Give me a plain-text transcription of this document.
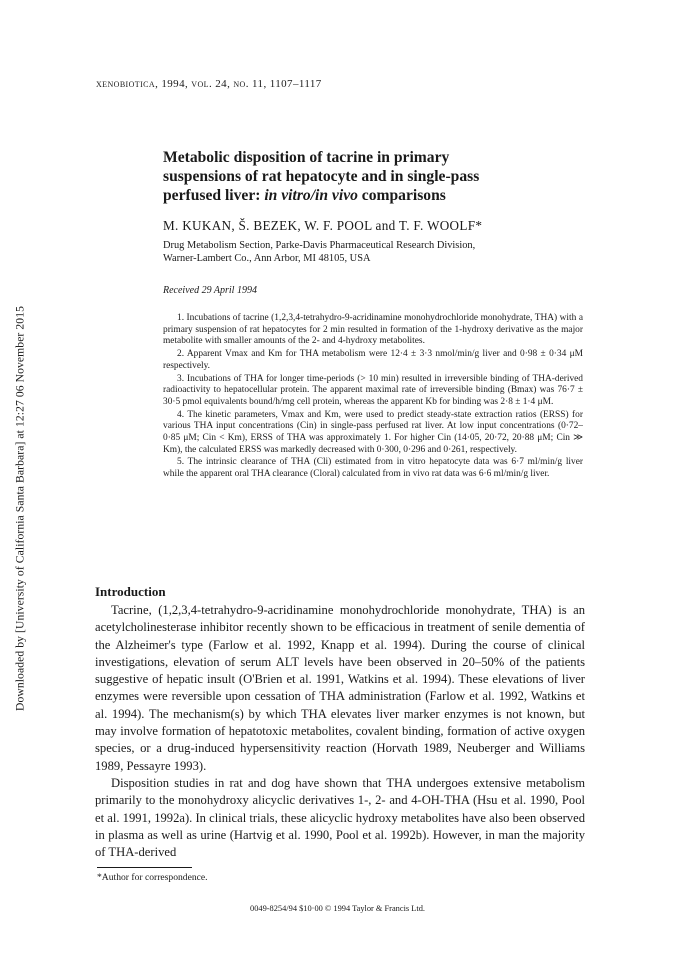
Downloaded by [University of California Santa Barbara] at 12:27 06 November 2015
xenobiotica, 1994, vol. 24, no. 11, 1107–1117
Metabolic disposition of tacrine in primary
suspensions of rat hepatocyte and in single-pass
perfused liver: in vitro/in vivo comparisons
M. KUKAN, Š. BEZEK, W. F. POOL and T. F. WOOLF*
Drug Metabolism Section, Parke-Davis Pharmaceutical Research Division,
Warner-Lambert Co., Ann Arbor, MI 48105, USA
Received 29 April 1994

1. Incubations of tacrine (1,2,3,4-tetrahydro-9-acridinamine monohydrochloride monohydrate, THA) with a primary suspension of rat hepatocytes for 2 min resulted in formation of the 1-hydroxy derivative as the major metabolite with smaller amounts of the 2- and 4-hydroxy metabolites.

2. Apparent Vmax and Km for THA metabolism were 12·4 ± 3·3 nmol/min/g liver and 0·98 ± 0·34 μM respectively.

3. Incubations of THA for longer time-periods (> 10 min) resulted in irreversible binding of THA-derived radioactivity to hepatocellular protein. The apparent maximal rate of irreversible binding (Bmax) was 76·7 ± 30·5 pmol equivalents bound/h/mg cell protein, whereas the apparent Kb for binding was 2·8 ± 1·4 μM.

4. The kinetic parameters, Vmax and Km, were used to predict steady-state extraction ratios (ERSS) for various THA input concentrations (Cin) in single-pass perfused rat liver. At low input concentrations (0·72–0·85 μM; Cin < Km), ERSS of THA was approximately 1. For higher Cin (14·05, 20·72, 20·88 μM; Cin ≫ Km), the calculated ERSS was markedly decreased with 0·300, 0·296 and 0·261, respectively.

5. The intrinsic clearance of THA (Cli) estimated from in vitro hepatocyte data was 6·7 ml/min/g liver while the apparent oral THA clearance (Cloral) calculated from in vivo rat data was 6·6 ml/min/g liver.

Introduction

Tacrine, (1,2,3,4-tetrahydro-9-acridinamine monohydrochloride monohydrate, THA) is an acetylcholinesterase inhibitor recently shown to be efficacious in treatment of senile dementia of the Alzheimer's type (Farlow et al. 1992, Knapp et al. 1994). During the course of clinical investigations, elevation of serum ALT levels have been observed in 20–50% of the patients suggestive of hepatic insult (O'Brien et al. 1991, Watkins et al. 1994). These elevations of liver enzymes were reversible upon cessation of THA administration (Farlow et al. 1992, Watkins et al. 1994). The mechanism(s) by which THA elevates liver marker enzymes is not known, but may involve formation of hepatotoxic metabolites, covalent binding, formation of active oxygen species, or a drug-induced hypersensitivity reaction (Horvath 1989, Neuberger and Williams 1989, Pessayre 1993).

Disposition studies in rat and dog have shown that THA undergoes extensive metabolism primarily to the monohydroxy alicyclic derivatives 1-, 2- and 4-OH-THA (Hsu et al. 1990, Pool et al. 1991, 1992a). In clinical trials, these alicyclic hydroxy metabolites have also been observed in plasma as well as urine (Hartvig et al. 1990, Pool et al. 1992b). However, in man the majority of THA-derived

*Author for correspondence.
0049-8254/94 $10·00 © 1994 Taylor & Francis Ltd.
